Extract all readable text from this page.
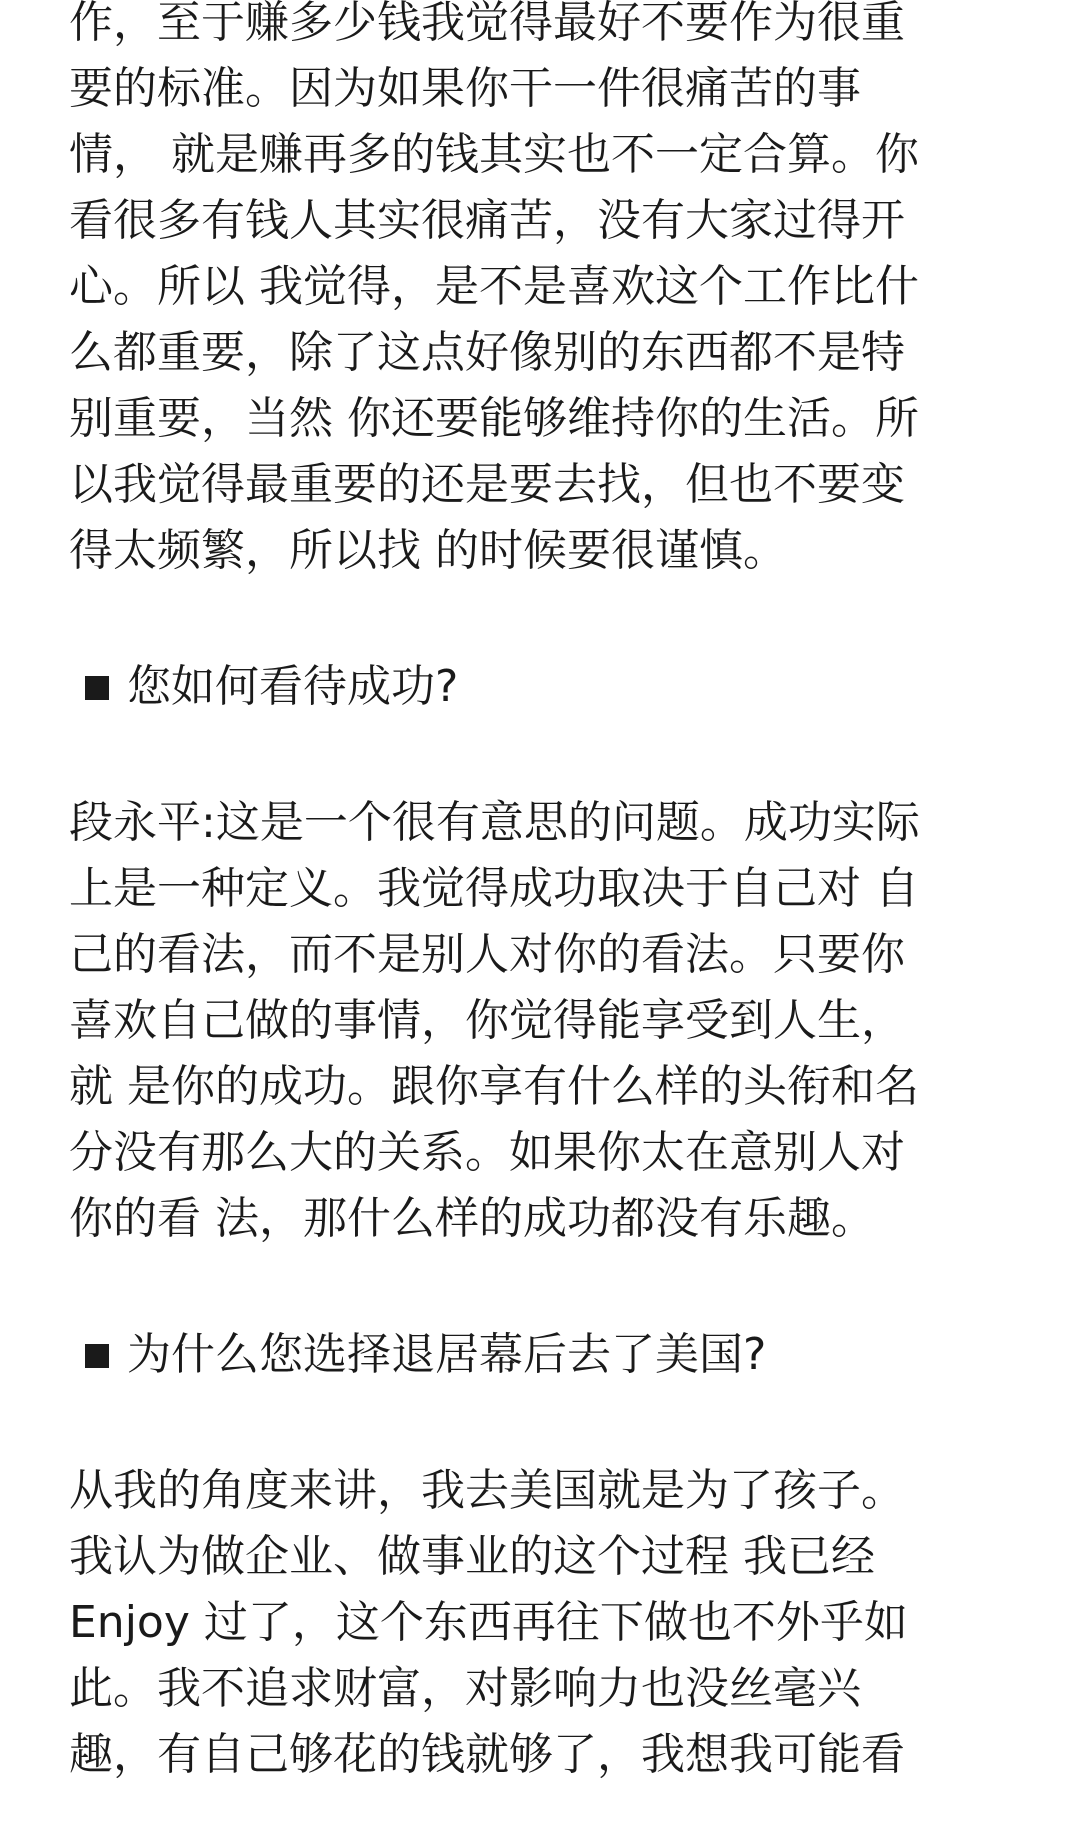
作，至于赚多少钱我觉得最好不要作为很重
要的标准。因为如果你干一件很痛苦的事
情， 就是赚再多的钱其实也不一定合算。你
看很多有钱人其实很痛苦，没有大家过得开
心。所以 我觉得，是不是喜欢这个工作比什
么都重要，除了这点好像别的东西都不是特
别重要，当然 你还要能够维持你的生活。所
以我觉得最重要的还是要去找，但也不要变
得太频繁，所以找 的时候要很谨慎。

您如何看待成功?

段永平:这是一个很有意思的问题。成功实际
上是一种定义。我觉得成功取决于自己对 自
己的看法，而不是别人对你的看法。只要你
喜欢自己做的事情，你觉得能享受到人生，
就 是你的成功。跟你享有什么样的头衔和名
分没有那么大的关系。如果你太在意别人对
你的看 法，那什么样的成功都没有乐趣。

为什么您选择退居幕后去了美国?

从我的角度来讲，我去美国就是为了孩子。
我认为做企业、做事业的这个过程 我已经
Enjoy 过了，这个东西再往下做也不外乎如
此。我不追求财富，对影响力也没丝毫兴
趣，有自己够花的钱就够了，我想我可能看
